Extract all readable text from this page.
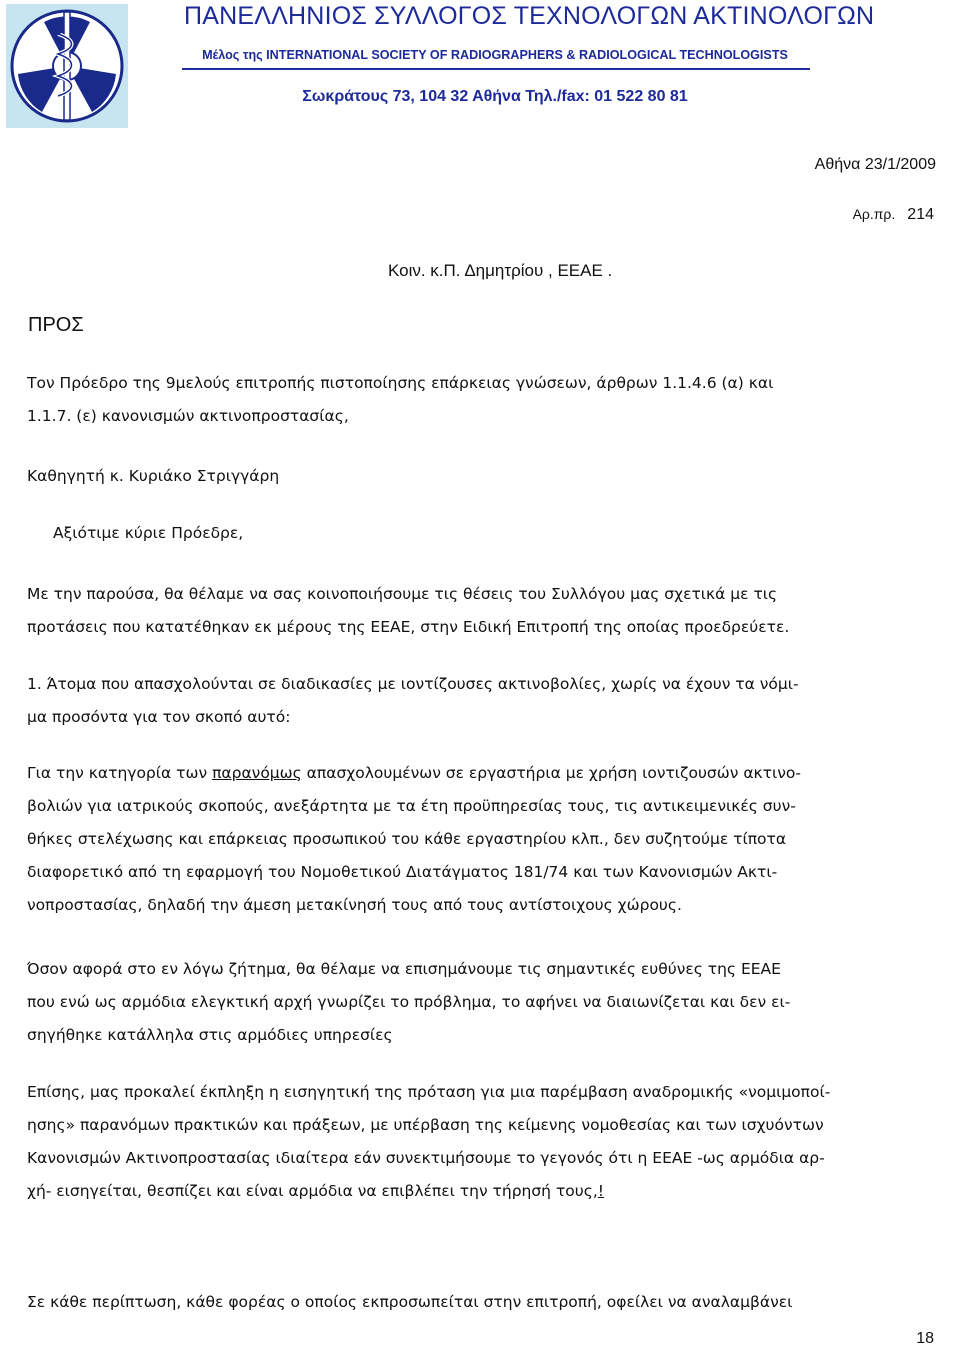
ΠΑΝΕΛΛΗΝΙΟΣ ΣΥΛΛΟΓΟΣ ΤΕΧΝΟΛΟΓΩΝ ΑΚΤΙΝΟΛΟΓΩΝ
Μέλος της INTERNATIONAL SOCIETY OF RADIOGRAPHERS & RADIOLOGICAL TECHNOLOGISTS
Σωκράτους 73, 104 32 Αθήνα Τηλ./fax: 01 522 80 81
Αθήνα 23/1/2009
Αρ.πρ. 214
Κοιν. κ.Π. Δημητρίου , ΕΕΑΕ .
ΠΡΟΣ
Τον Πρόεδρο της 9μελούς επιτροπής πιστοποίησης επάρκειας γνώσεων, άρθρων 1.1.4.6 (α) και
1.1.7. (ε) κανονισμών ακτινοπροστασίας,
Καθηγητή κ. Κυριάκο Στριγγάρη
Αξιότιμε κύριε Πρόεδρε,
Με την παρούσα, θα θέλαμε να σας κοινοποιήσουμε τις θέσεις του Συλλόγου μας σχετικά με τις
προτάσεις που κατατέθηκαν εκ μέρους της ΕΕΑΕ, στην Ειδική Επιτροπή της οποίας προεδρεύετε.
1. Άτομα που απασχολούνται σε διαδικασίες με ιοντίζουσες ακτινοβολίες, χωρίς να έχουν τα νόμι-
μα προσόντα για τον σκοπό αυτό:
Για την κατηγορία των παρανόμως απασχολουμένων σε εργαστήρια με χρήση ιοντιζουσών ακτινο-
βολιών για ιατρικούς σκοπούς, ανεξάρτητα με τα έτη προϋπηρεσίας τους, τις αντικειμενικές συν-
θήκες στελέχωσης και επάρκειας προσωπικού του κάθε εργαστηρίου κλπ., δεν συζητούμε τίποτα
διαφορετικό από τη εφαρμογή του Νομοθετικού Διατάγματος 181/74 και των Κανονισμών Ακτι-
νοπροστασίας, δηλαδή την άμεση μετακίνησή τους από τους αντίστοιχους χώρους.
Όσον αφορά στο εν λόγω ζήτημα, θα θέλαμε να επισημάνουμε τις σημαντικές ευθύνες της ΕΕΑΕ
που ενώ ως αρμόδια ελεγκτική αρχή γνωρίζει το πρόβλημα, το αφήνει να διαιωνίζεται και δεν ει-
σηγήθηκε κατάλληλα στις αρμόδιες υπηρεσίες
Επίσης, μας προκαλεί έκπληξη η εισηγητική της πρόταση για μια παρέμβαση αναδρομικής «νομιμοποί-
ησης» παρανόμων πρακτικών και πράξεων, με υπέρβαση της κείμενης νομοθεσίας και των ισχυόντων
Κανονισμών Ακτινοπροστασίας ιδιαίτερα εάν συνεκτιμήσουμε το γεγονός ότι η ΕΕΑΕ -ως αρμόδια αρ-
χή- εισηγείται, θεσπίζει και είναι αρμόδια να επιβλέπει την τήρησή τους,!
Σε κάθε περίπτωση, κάθε φορέας ο οποίος εκπροσωπείται στην επιτροπή, οφείλει να αναλαμβάνει
18
